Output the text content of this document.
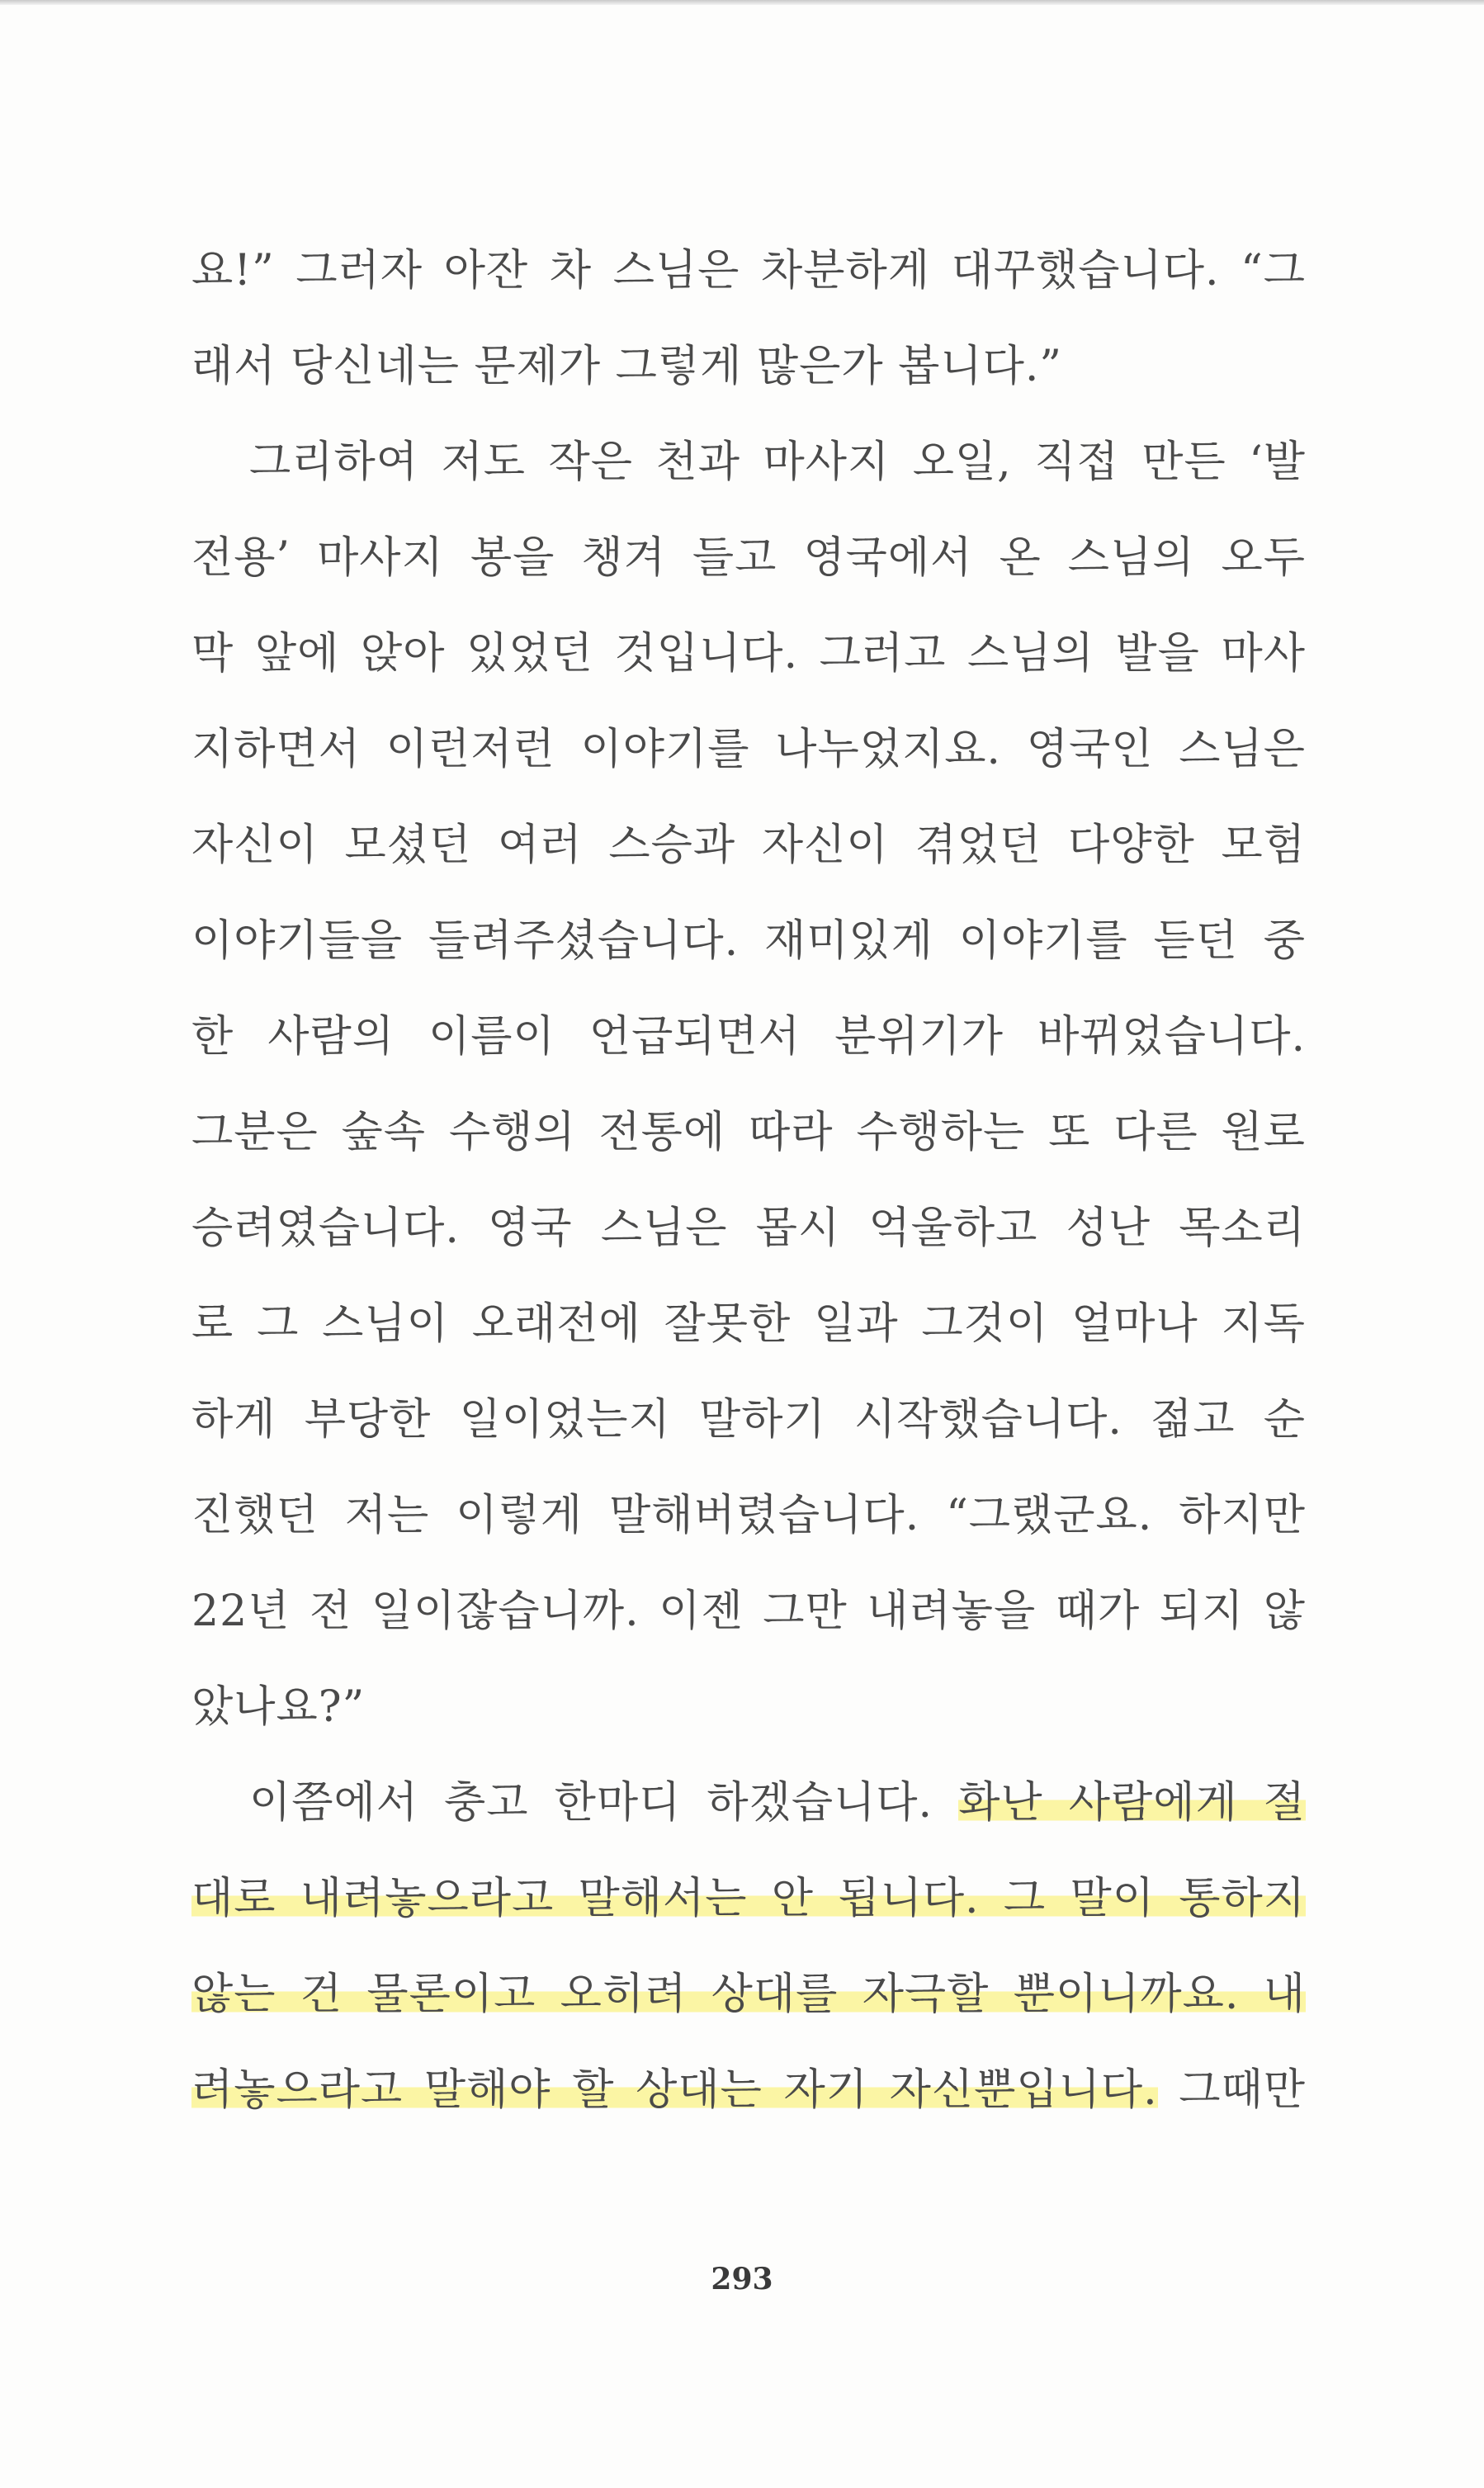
요!” 그러자 아잔 차 스님은 차분하게 대꾸했습니다. “그
래서 당신네는 문제가 그렇게 많은가 봅니다.”
그리하여 저도 작은 천과 마사지 오일, 직접 만든 ‘발
전용’ 마사지 봉을 챙겨 들고 영국에서 온 스님의 오두
막 앞에 앉아 있었던 것입니다. 그러고 스님의 발을 마사
지하면서 이런저런 이야기를 나누었지요. 영국인 스님은
자신이 모셨던 여러 스승과 자신이 겪었던 다양한 모험
이야기들을 들려주셨습니다. 재미있게 이야기를 듣던 중
한 사람의 이름이 언급되면서 분위기가 바뀌었습니다.
그분은 숲속 수행의 전통에 따라 수행하는 또 다른 원로
승려였습니다. 영국 스님은 몹시 억울하고 성난 목소리
로 그 스님이 오래전에 잘못한 일과 그것이 얼마나 지독
하게 부당한 일이었는지 말하기 시작했습니다. 젊고 순
진했던 저는 이렇게 말해버렸습니다. “그랬군요. 하지만
22년 전 일이잖습니까. 이젠 그만 내려놓을 때가 되지 않
았나요?”
이쯤에서 충고 한마디 하겠습니다. 화난 사람에게 절
대로 내려놓으라고 말해서는 안 됩니다. 그 말이 통하지
않는 건 물론이고 오히려 상대를 자극할 뿐이니까요. 내
려놓으라고 말해야 할 상대는 자기 자신뿐입니다. 그때만
293
